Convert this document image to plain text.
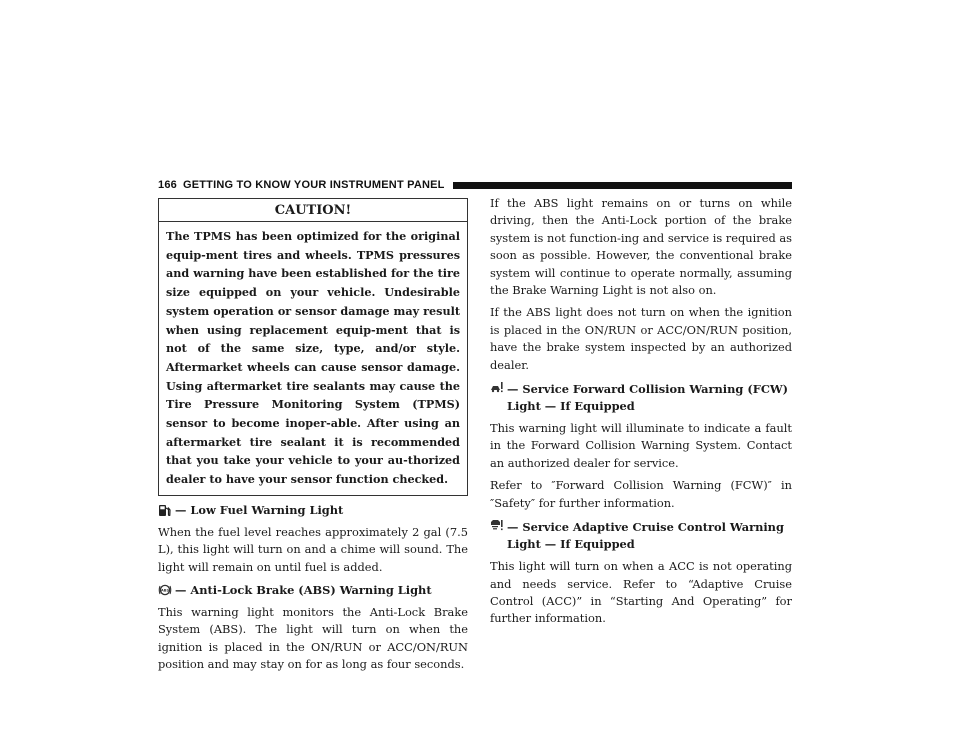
166 GETTING TO KNOW YOUR INSTRUMENT PANEL
CAUTION!
The TPMS has been optimized for the original equip-ment tires and wheels. TPMS pressures and warning have been established for the tire size equipped on your vehicle. Undesirable system operation or sensor damage may result when using replacement equip-ment that is not of the same size, type, and/or style. Aftermarket wheels can cause sensor damage. Using aftermarket tire sealants may cause the Tire Pressure Monitoring System (TPMS) sensor to become inoper-able. After using an aftermarket tire sealant it is recommended that you take your vehicle to your au-thorized dealer to have your sensor function checked.
— Low Fuel Warning Light

When the fuel level reaches approximately 2 gal (7.5 L), this light will turn on and a chime will sound. The light will remain on until fuel is added.

ABS — Anti-Lock Brake (ABS) Warning Light

This warning light monitors the Anti-Lock Brake System (ABS). The light will turn on when the ignition is placed in the ON/RUN or ACC/ON/RUN position and may stay on for as long as four seconds.

If the ABS light remains on or turns on while driving, then the Anti-Lock portion of the brake system is not function-ing and service is required as soon as possible. However, the conventional brake system will continue to operate normally, assuming the Brake Warning Light is not also on.

If the ABS light does not turn on when the ignition is placed in the ON/RUN or ACC/ON/RUN position, have the brake system inspected by an authorized dealer.

— Service Forward Collision Warning (FCW)
Light — If Equipped

This warning light will illuminate to indicate a fault in the Forward Collision Warning System. Contact an authorized dealer for service.

Refer to ″Forward Collision Warning (FCW)″ in ″Safety″ for further information.

— Service Adaptive Cruise Control Warning
Light — If Equipped

This light will turn on when a ACC is not operating and needs service. Refer to “Adaptive Cruise Control (ACC)” in “Starting And Operating” for further information.
